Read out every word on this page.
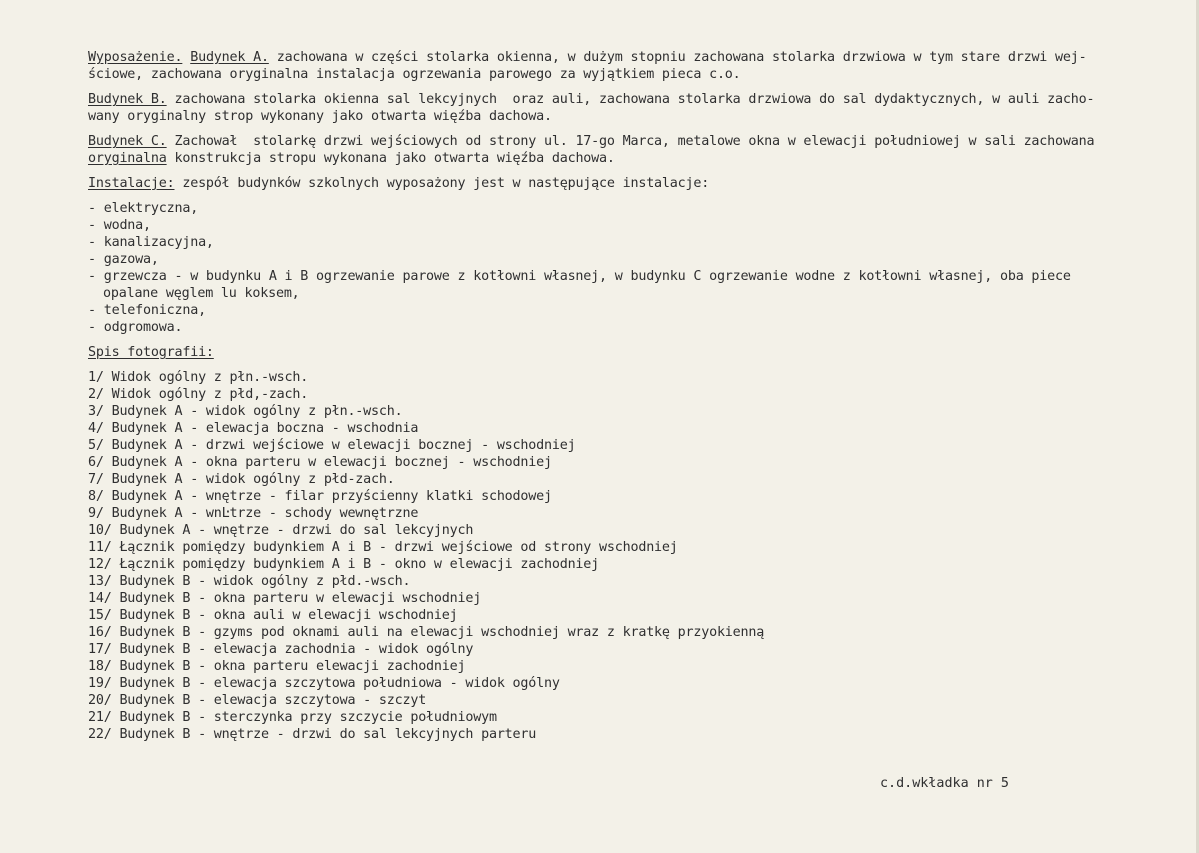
Wyposażenie. Budynek A. zachowana w części stolarka okienna, w dużym stopniu zachowana stolarka drzwiowa w tym stare drzwi wej-
ściowe, zachowana oryginalna instalacja ogrzewania parowego za wyjątkiem pieca c.o.
Budynek B. zachowana stolarka okienna sal lekcyjnych  oraz auli, zachowana stolarka drzwiowa do sal dydaktycznych, w auli zacho-
wany oryginalny strop wykonany jako otwarta więźba dachowa.
Budynek C. Zachował  stolarkę drzwi wejściowych od strony ul. 17-go Marca, metalowe okna w elewacji południowej w sali zachowana
oryginalna konstrukcja stropu wykonana jako otwarta więźba dachowa.
Instalacje: zespół budynków szkolnych wyposażony jest w następujące instalacje:
- elektryczna,
- wodna,
- kanalizacyjna,
- gazowa,
- grzewcza - w budynku A i B ogrzewanie parowe z kotłowni własnej, w budynku C ogrzewanie wodne z kotłowni własnej, oba piece
opalane węglem lu koksem,
- telefoniczna,
- odgromowa.
Spis fotografii:
1/ Widok ogólny z płn.-wsch.
2/ Widok ogólny z płd,-zach.
3/ Budynek A - widok ogólny z płn.-wsch.
4/ Budynek A - elewacja boczna - wschodnia
5/ Budynek A - drzwi wejściowe w elewacji bocznej - wschodniej
6/ Budynek A - okna parteru w elewacji bocznej - wschodniej
7/ Budynek A - widok ogólny z płd-zach.
8/ Budynek A - wnętrze - filar przyścienny klatki schodowej
9/ Budynek A - wnĿtrze - schody wewnętrzne
10/ Budynek A - wnętrze - drzwi do sal lekcyjnych
11/ Łącznik pomiędzy budynkiem A i B - drzwi wejściowe od strony wschodniej
12/ Łącznik pomiędzy budynkiem A i B - okno w elewacji zachodniej
13/ Budynek B - widok ogólny z płd.-wsch.
14/ Budynek B - okna parteru w elewacji wschodniej
15/ Budynek B - okna auli w elewacji wschodniej
16/ Budynek B - gzyms pod oknami auli na elewacji wschodniej wraz z kratkę przyokienną
17/ Budynek B - elewacja zachodnia - widok ogólny
18/ Budynek B - okna parteru elewacji zachodniej
19/ Budynek B - elewacja szczytowa południowa - widok ogólny
20/ Budynek B - elewacja szczytowa - szczyt
21/ Budynek B - sterczynka przy szczycie południowym
22/ Budynek B - wnętrze - drzwi do sal lekcyjnych parteru
c.d.wkładka nr 5
